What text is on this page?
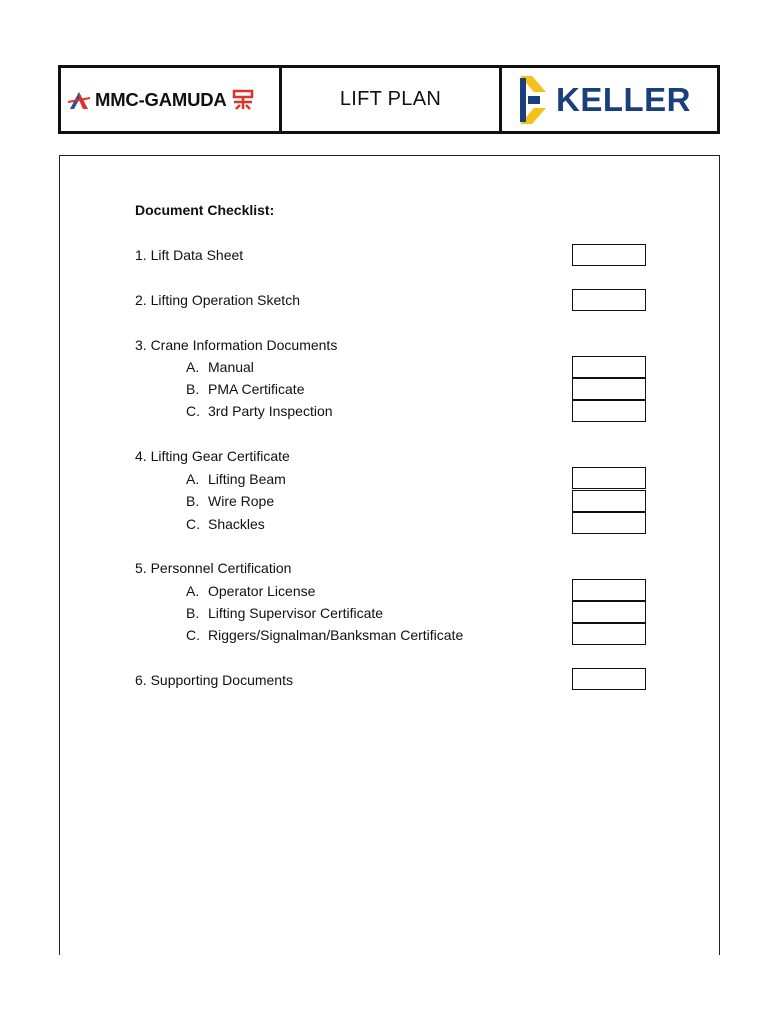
MMC-GAMUDA	LIFT PLAN	KELLER
Document Checklist:
1. Lift Data Sheet
2. Lifting Operation Sketch
3. Crane Information Documents
A. Manual
B. PMA Certificate
C. 3rd Party Inspection
4. Lifting Gear Certificate
A. Lifting Beam
B. Wire Rope
C. Shackles
5. Personnel Certification
A. Operator License
B. Lifting Supervisor Certificate
C. Riggers/Signalman/Banksman Certificate
6. Supporting Documents
